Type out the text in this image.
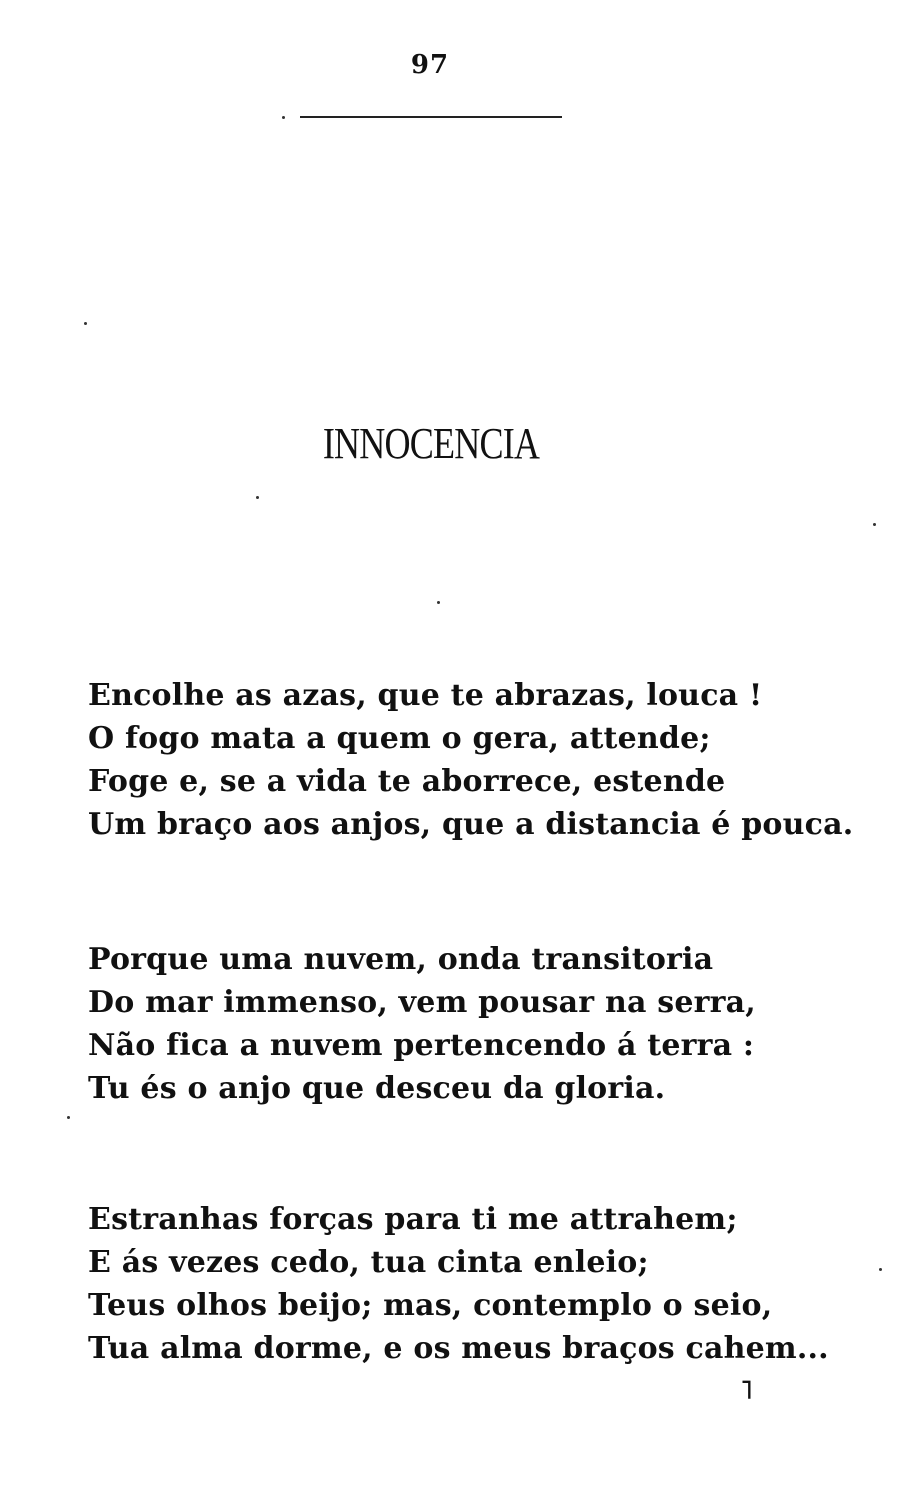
97
INNOCENCIA
Encolhe as azas, que te abrazas, louca !
O fogo mata a quem o gera, attende;
Foge e, se a vida te aborrece, estende
Um braço aos anjos, que a distancia é pouca.
Porque uma nuvem, onda transitoria
Do mar immenso, vem pousar na serra,
Não fica a nuvem pertencendo á terra :
Tu és o anjo que desceu da gloria.
Estranhas forças para ti me attrahem;
E ás vezes cedo, tua cinta enleio;
Teus olhos beijo; mas, contemplo o seio,
Tua alma dorme, e os meus braços cahem...
˥
